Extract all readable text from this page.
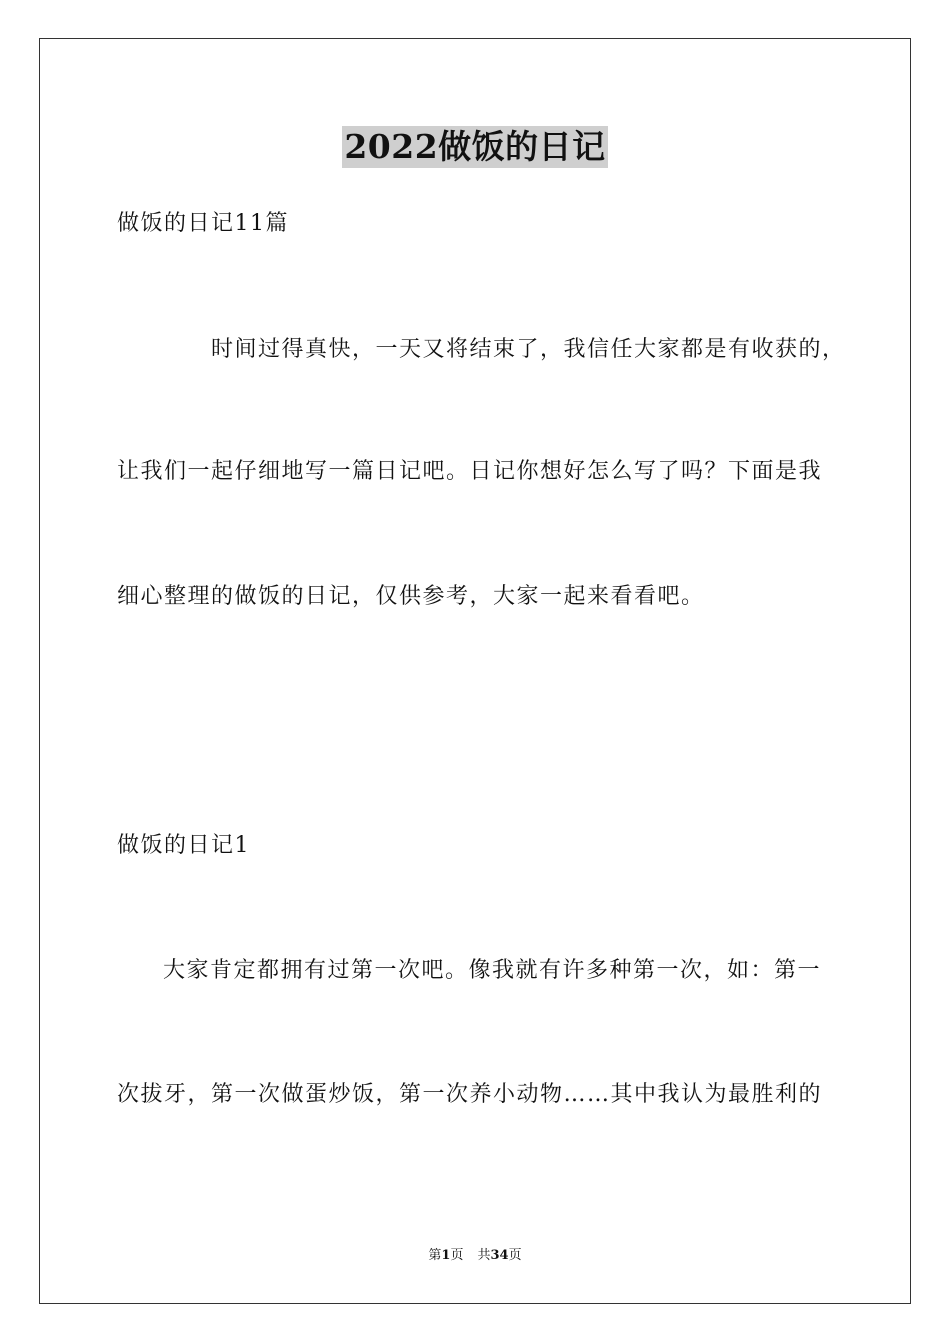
2022做饭的日记
做饭的日记11篇
时间过得真快，一天又将结束了，我信任大家都是有收获的，
让我们一起仔细地写一篇日记吧。日记你想好怎么写了吗？下面是我
细心整理的做饭的日记，仅供参考，大家一起来看看吧。
做饭的日记1
大家肯定都拥有过第一次吧。像我就有许多种第一次，如：第一
次拔牙，第一次做蛋炒饭，第一次养小动物……其中我认为最胜利的
第1页 共34页
